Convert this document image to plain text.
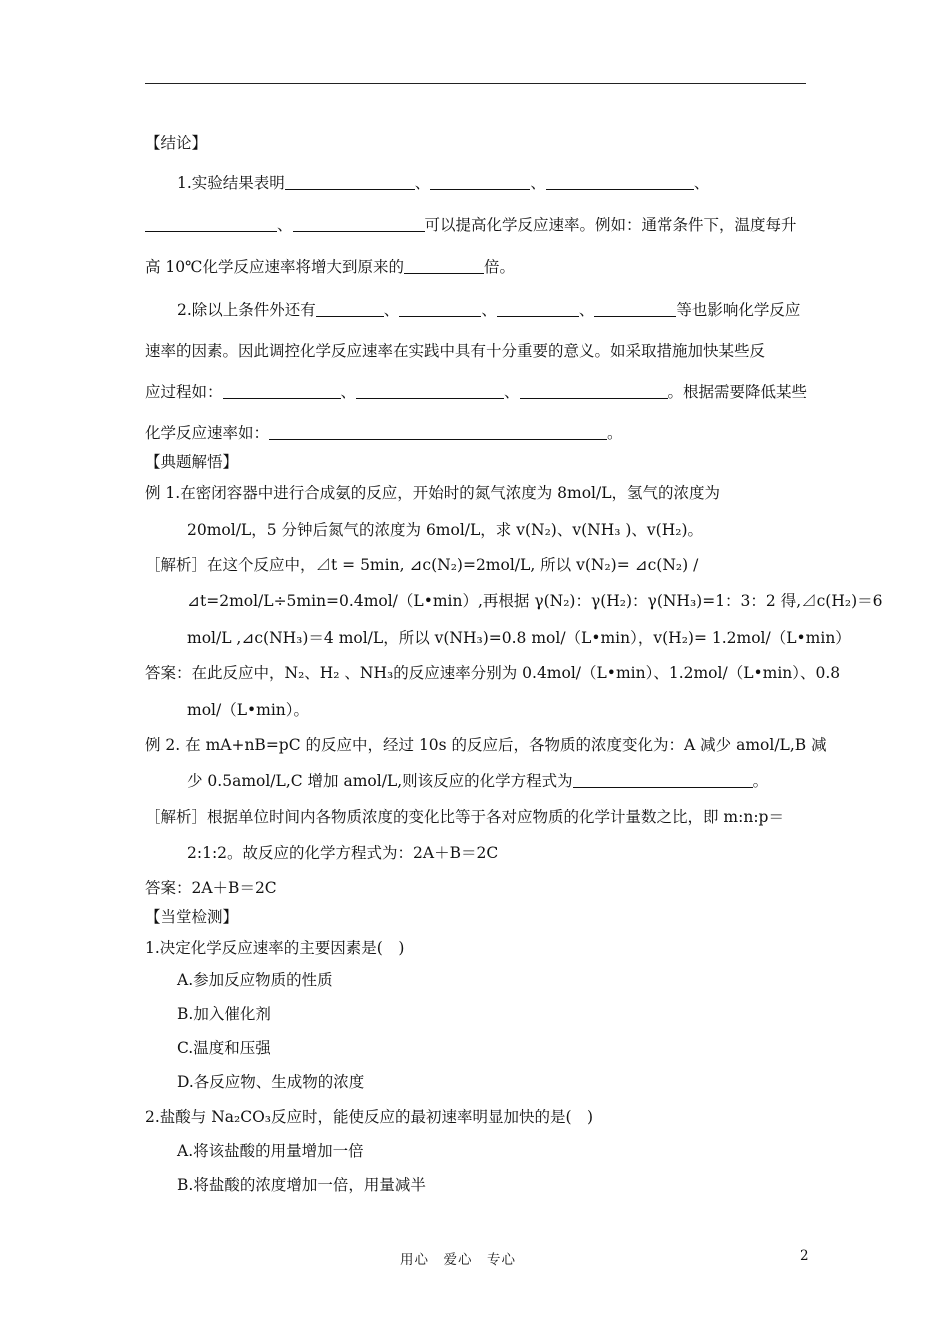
【结论】
1.实验结果表明	、	、	、
、	可以提高化学反应速率。例如：通常条件下，温度每升
高 10℃化学反应速率将增大到原来的	倍。
2.除以上条件外还有	、	、	、	等也影响化学反应
速率的因素。因此调控化学反应速率在实践中具有十分重要的意义。如采取措施加快某些反
应过程如：	、	、	。根据需要降低某些
化学反应速率如：	。
【典题解悟】
例 1.在密闭容器中进行合成氨的反应，开始时的氮气浓度为 8mol/L，氢气的浓度为
20mol/L，5 分钟后氮气的浓度为 6mol/L，求 v(N₂)、v(NH₃ )、v(H₂)。
［解析］在这个反应中，⊿t = 5min, ⊿c(N₂)=2mol/L, 所以 v(N₂)= ⊿c(N₂) /
⊿t=2mol/L÷5min=0.4mol/（L•min）,再根据 γ(N₂)：γ(H₂)：γ(NH₃)=1：3：2 得,⊿c(H₂)＝6
mol/L ,⊿c(NH₃)＝4 mol/L，所以 v(NH₃)=0.8 mol/（L•min），v(H₂)= 1.2mol/（L•min）
答案：在此反应中，N₂、H₂ 、NH₃的反应速率分别为 0.4mol/（L•min）、1.2mol/（L•min）、0.8
mol/（L•min）。
例 2. 在 mA+nB=pC 的反应中，经过 10s 的反应后，各物质的浓度变化为：A 减少 amol/L,B 减
少 0.5amol/L,C 增加 amol/L,则该反应的化学方程式为	。
［解析］根据单位时间内各物质浓度的变化比等于各对应物质的化学计量数之比，即 m:n:p＝
2:1:2。故反应的化学方程式为：2A＋B＝2C
答案：2A＋B＝2C
【当堂检测】
1.决定化学反应速率的主要因素是(　)
A.参加反应物质的性质
B.加入催化剂
C.温度和压强
D.各反应物、生成物的浓度
2.盐酸与 Na₂CO₃反应时，能使反应的最初速率明显加快的是(　)
A.将该盐酸的用量增加一倍
B.将盐酸的浓度增加一倍，用量减半
用心　爱心　专心	2
